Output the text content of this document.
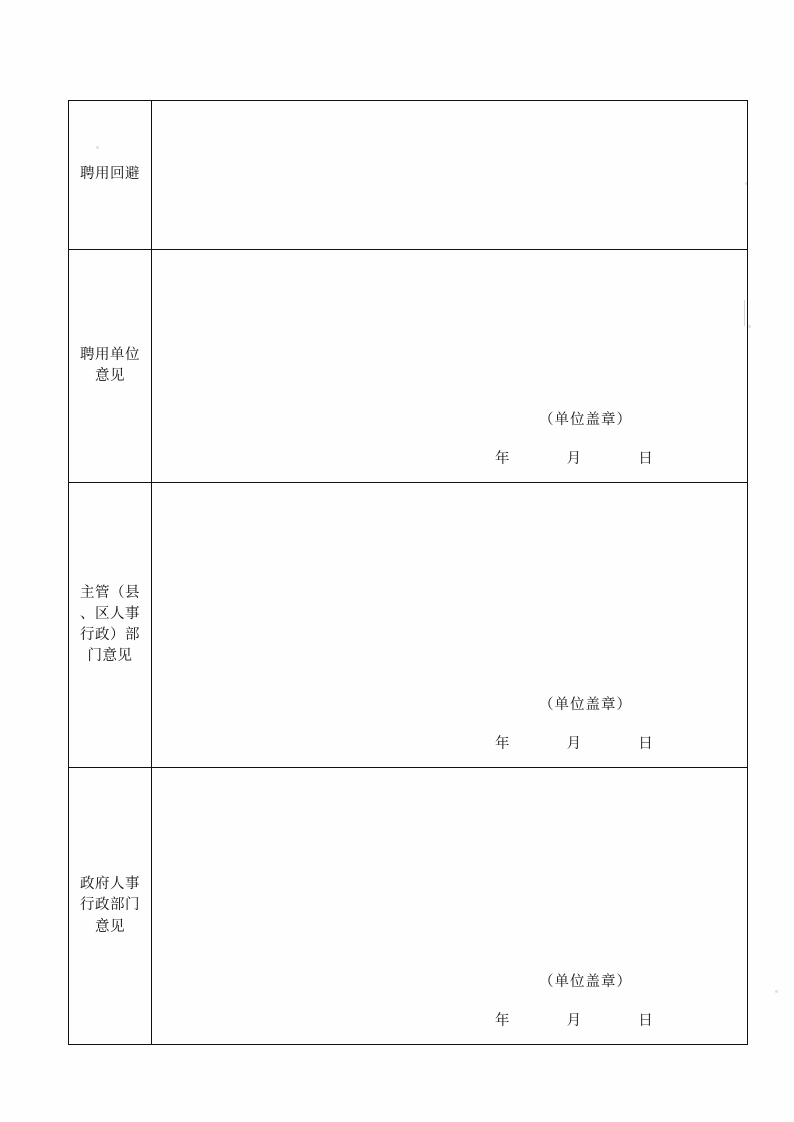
聘用回避	

聘用单位
意见

（单位盖章）
年	月	日

主管（县
、区人事
行政）部
门意见

（单位盖章）
年	月	日

政府人事
行政部门
意见

（单位盖章）
年	月	日
